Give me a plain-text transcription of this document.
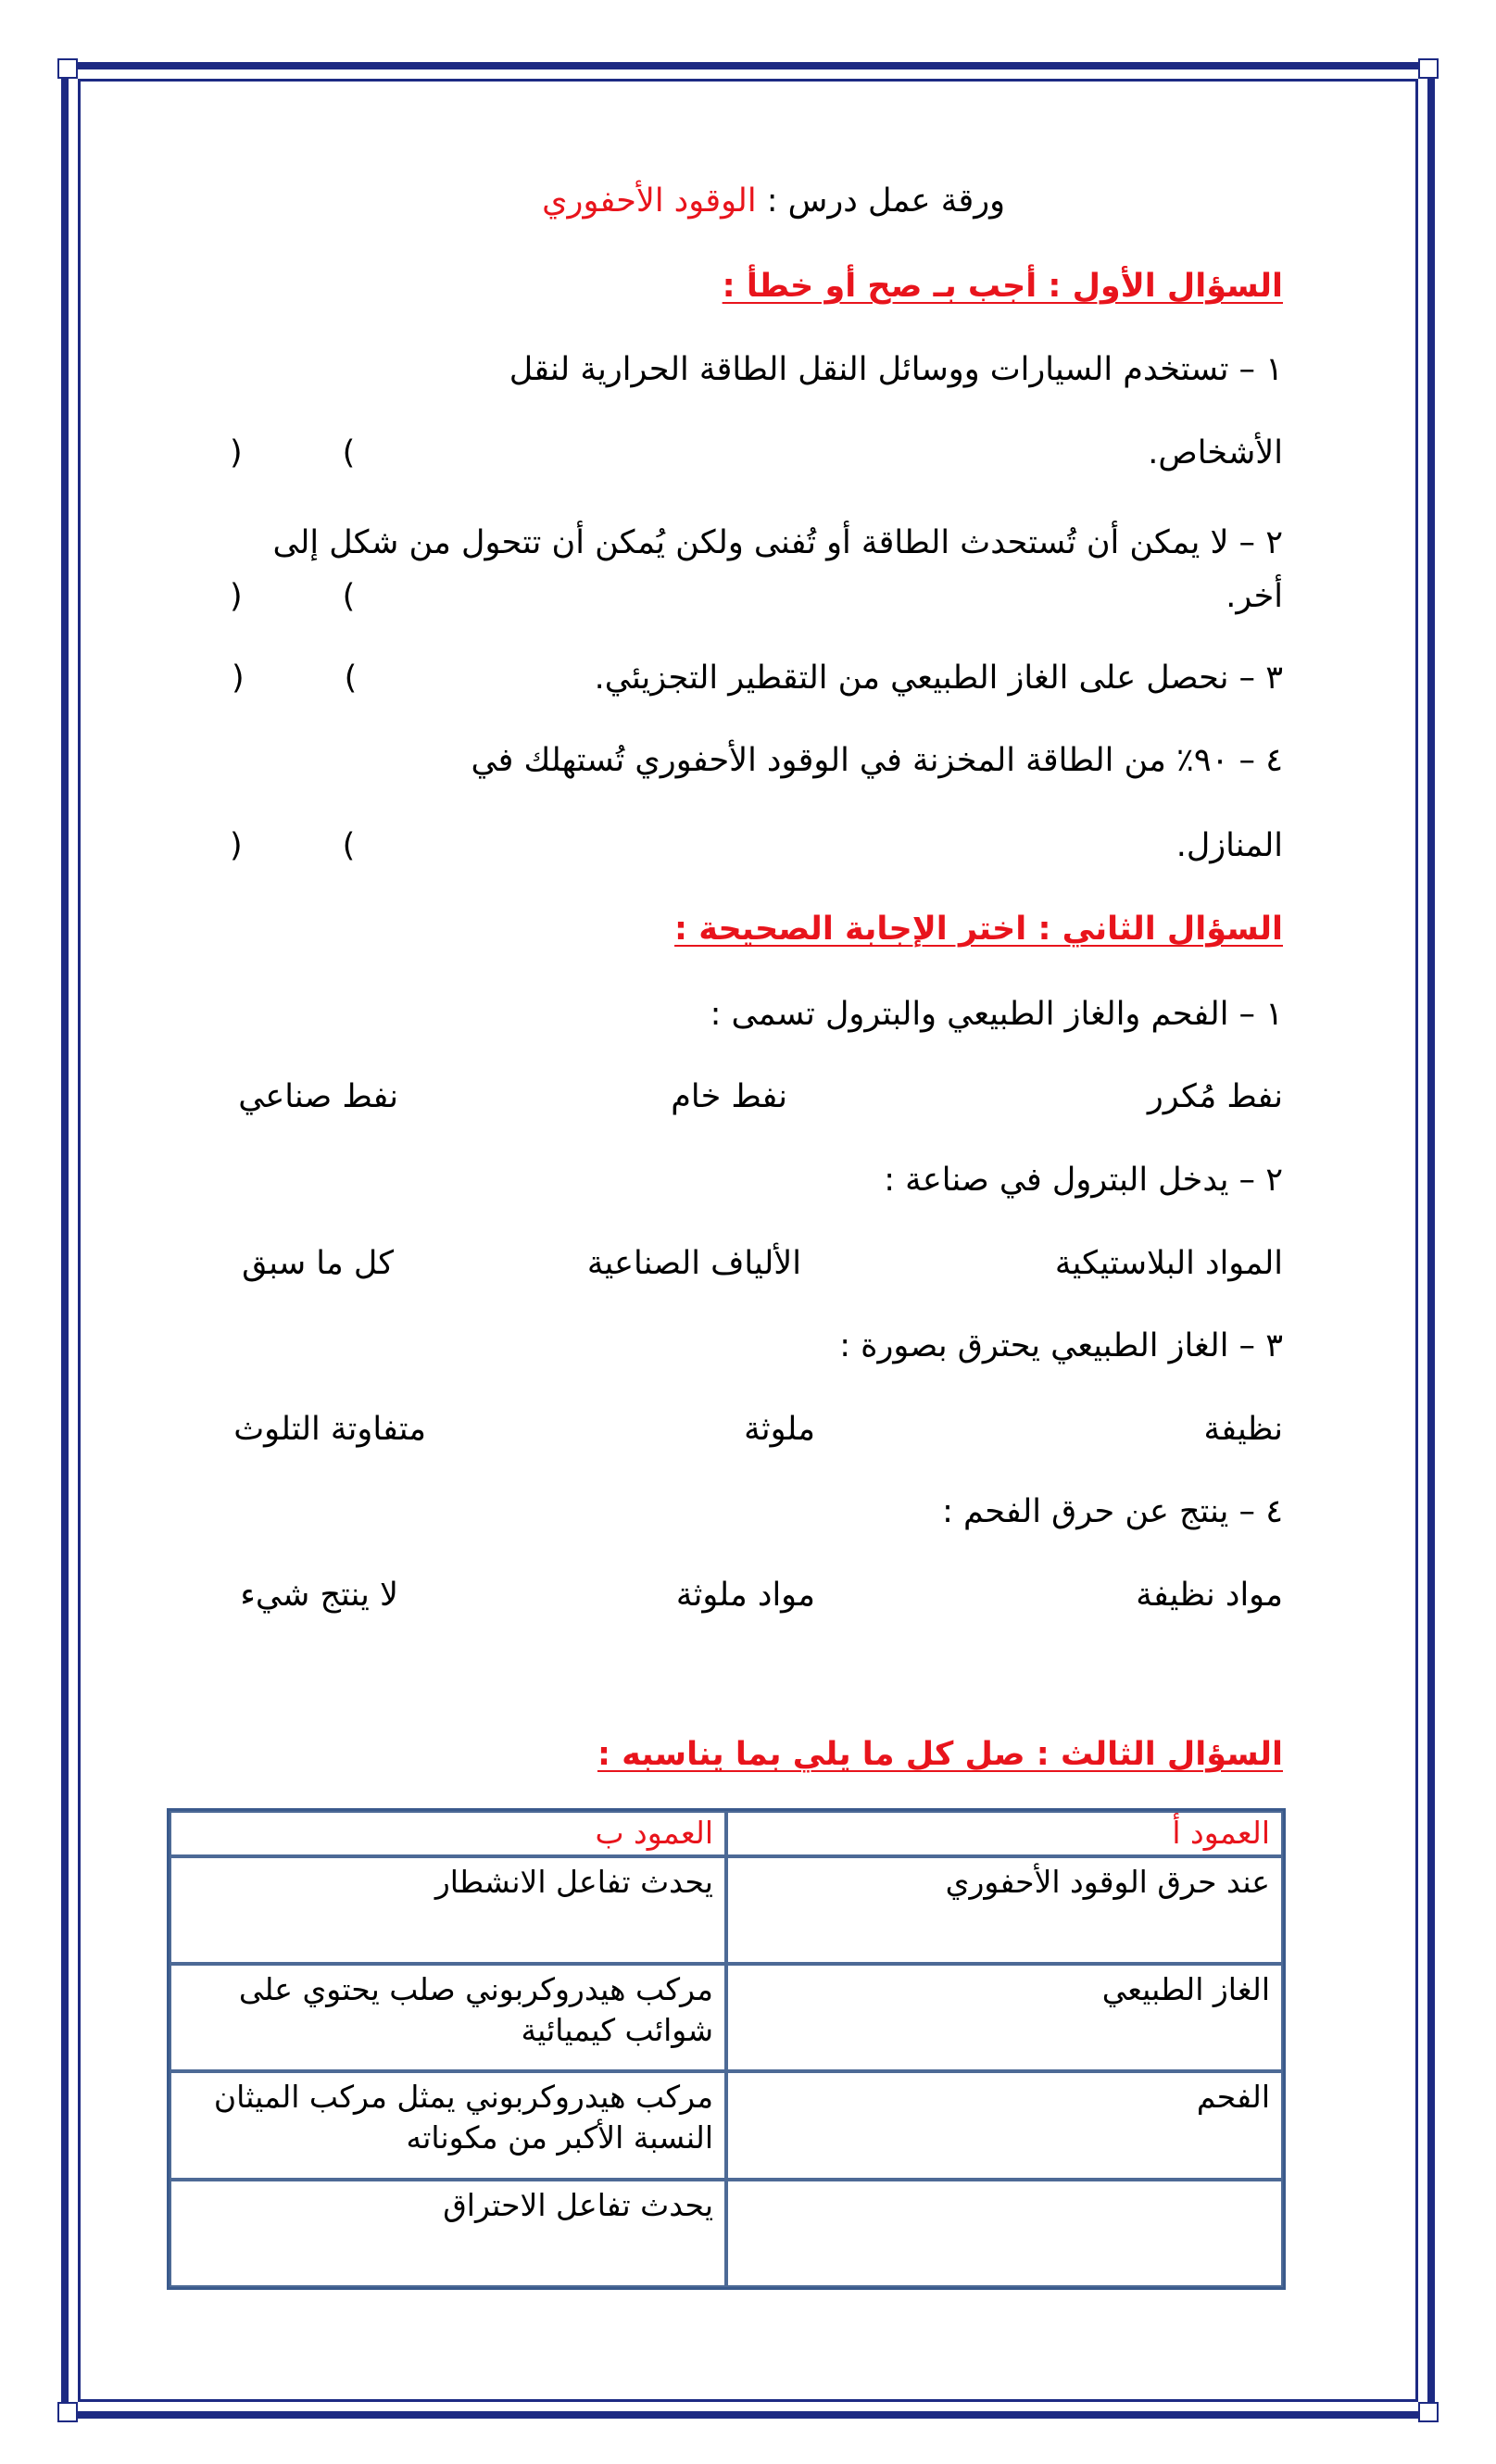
ورقة عمل درس : الوقود الأحفوري
السؤال الأول : أجب بـ صح أو خطأ :
١ – تستخدم السيارات ووسائل النقل الطاقة الحرارية لنقل
الأشخاص.
)	(
٢ – لا يمكن أن تُستحدث الطاقة أو تُفنى ولكن يُمكن أن تتحول من شكل إلى
أخر.
)	(
٣ – نحصل على الغاز الطبيعي من التقطير التجزيئي.
)	(
٤ – ٩٠٪ من الطاقة المخزنة في الوقود الأحفوري تُستهلك في
المنازل.
)	(
السؤال الثاني : اختر الإجابة الصحيحة :
١ – الفحم والغاز الطبيعي والبترول تسمى :
نفط مُكرر
نفط خام
نفط صناعي
٢ – يدخل البترول في صناعة :
المواد البلاستيكية
الألياف الصناعية
كل ما سبق
٣ – الغاز الطبيعي يحترق بصورة :
نظيفة
ملوثة
متفاوتة التلوث
٤ – ينتج عن حرق الفحم :
مواد نظيفة
مواد ملوثة
لا ينتج شيء
السؤال الثالث : صل كل ما يلي بما يناسبه :
العمود أ	العمود ب
عند حرق الوقود الأحفوري	يحدث تفاعل الانشطار
الغاز الطبيعي	مركب هيدروكربوني صلب يحتوي على شوائب كيميائية
الفحم	مركب هيدروكربوني يمثل مركب الميثان النسبة الأكبر من مكوناته
	يحدث تفاعل الاحتراق
